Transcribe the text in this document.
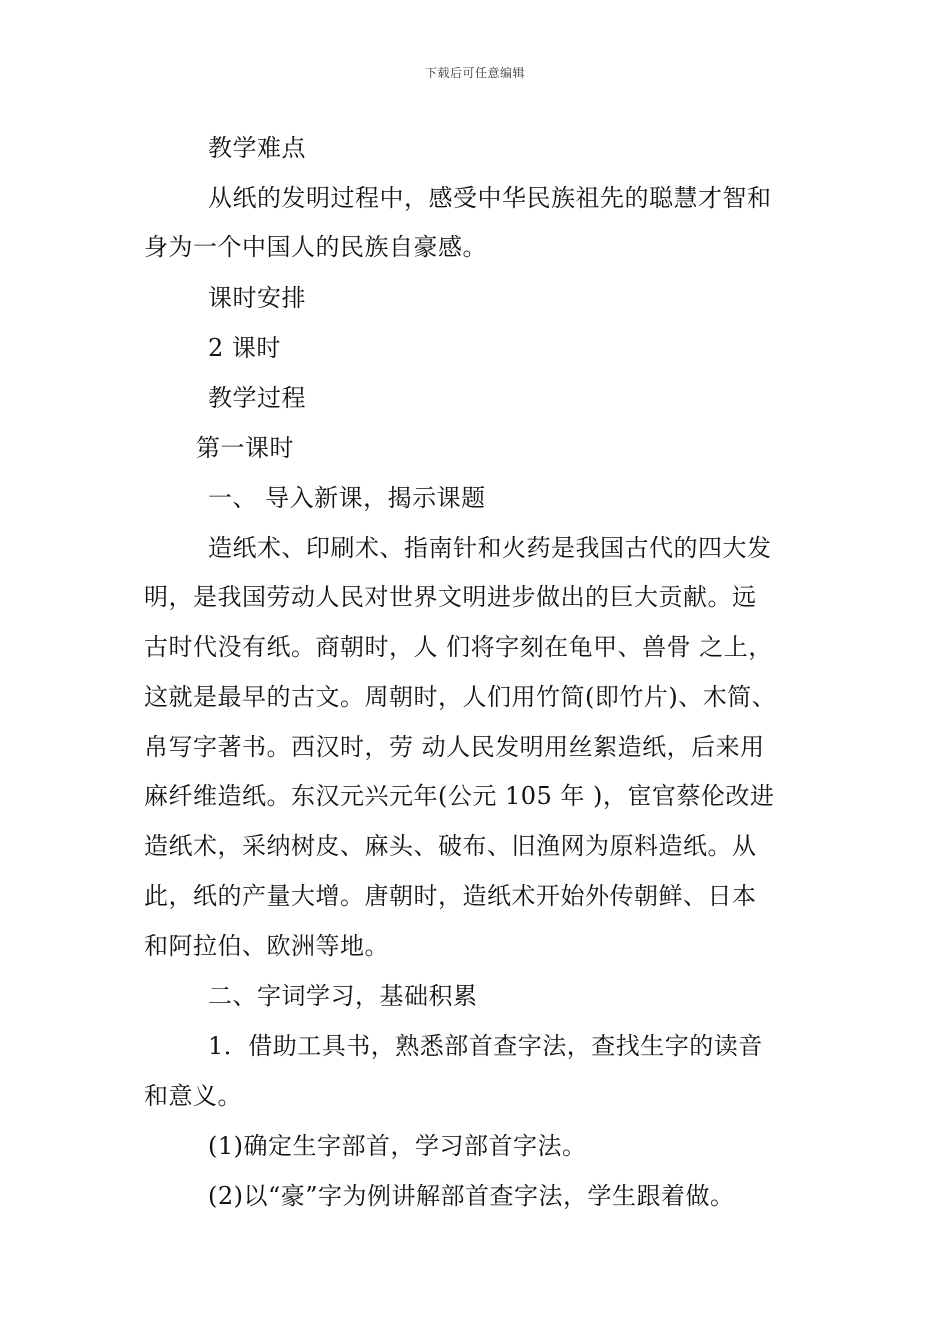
下载后可任意编辑
教学难点
从纸的发明过程中，感受中华民族祖先的聪慧才智和
身为一个中国人的民族自豪感。
课时安排
2 课时
教学过程
第一课时
一、 导入新课，揭示课题
造纸术、印刷术、指南针和火药是我国古代的四大发
明，是我国劳动人民对世界文明进步做出的巨大贡献。远
古时代没有纸。商朝时，人 们将字刻在龟甲、兽骨 之上，
这就是最早的古文。周朝时，人们用竹简(即竹片)、木简、
帛写字著书。西汉时，劳 动人民发明用丝絮造纸，后来用
麻纤维造纸。东汉元兴元年(公元 105 年 )，宦官蔡伦改进
造纸术，采纳树皮、麻头、破布、旧渔网为原料造纸。从
此，纸的产量大增。唐朝时，造纸术开始外传朝鲜、日本
和阿拉伯、欧洲等地。
二、字词学习，基础积累
1．借助工具书，熟悉部首查字法，查找生字的读音
和意义。
(1)确定生字部首，学习部首字法。
(2)以“豪”字为例讲解部首查字法，学生跟着做。
